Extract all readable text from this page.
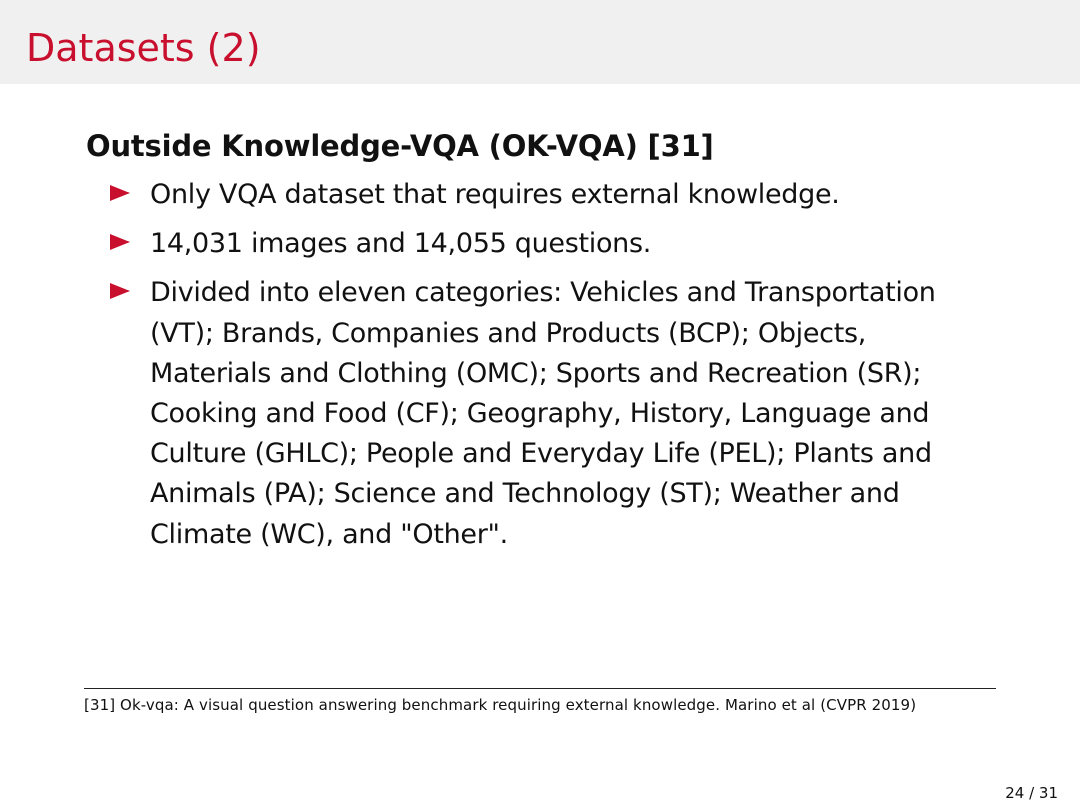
Datasets (2)
Outside Knowledge-VQA (OK-VQA) [31]
Only VQA dataset that requires external knowledge.
14,031 images and 14,055 questions.
Divided into eleven categories: Vehicles and Transportation (VT); Brands, Companies and Products (BCP); Objects, Materials and Clothing (OMC); Sports and Recreation (SR); Cooking and Food (CF); Geography, History, Language and Culture (GHLC); People and Everyday Life (PEL); Plants and Animals (PA); Science and Technology (ST); Weather and Climate (WC), and "Other".
[31] Ok-vqa: A visual question answering benchmark requiring external knowledge. Marino et al (CVPR 2019)
24 / 31
